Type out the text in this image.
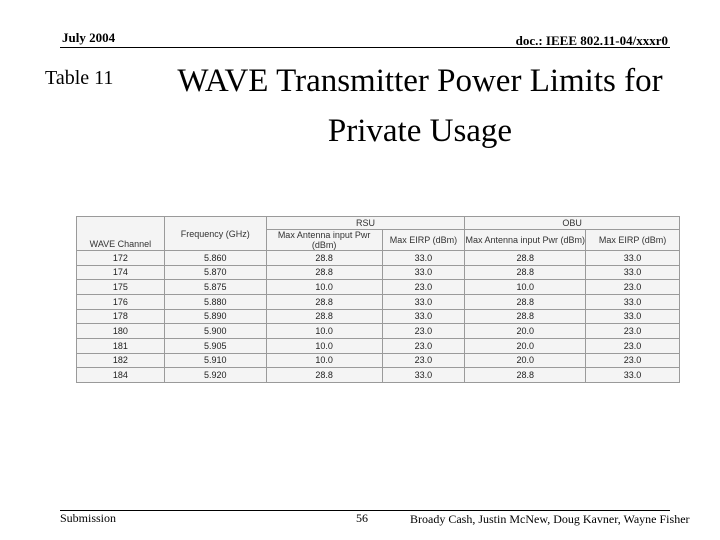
July 2004	doc.: IEEE 802.11-04/xxxr0
Table 11	WAVE Transmitter Power Limits for
Private Usage
WAVE Channel	Frequency (GHz)	RSU		OBU	
		Max Antenna input Pwr (dBm)	Max EIRP (dBm)	Max Antenna input Pwr (dBm)	Max EIRP (dBm)
172	5.860	28.8	33.0	28.8	33.0
174	5.870	28.8	33.0	28.8	33.0
175	5.875	10.0	23.0	10.0	23.0
176	5.880	28.8	33.0	28.8	33.0
178	5.890	28.8	33.0	28.8	33.0
180	5.900	10.0	23.0	20.0	23.0
181	5.905	10.0	23.0	20.0	23.0
182	5.910	10.0	23.0	20.0	23.0
184	5.920	28.8	33.0	28.8	33.0
Submission	56	Broady Cash, Justin McNew, Doug Kavner, Wayne Fisher
